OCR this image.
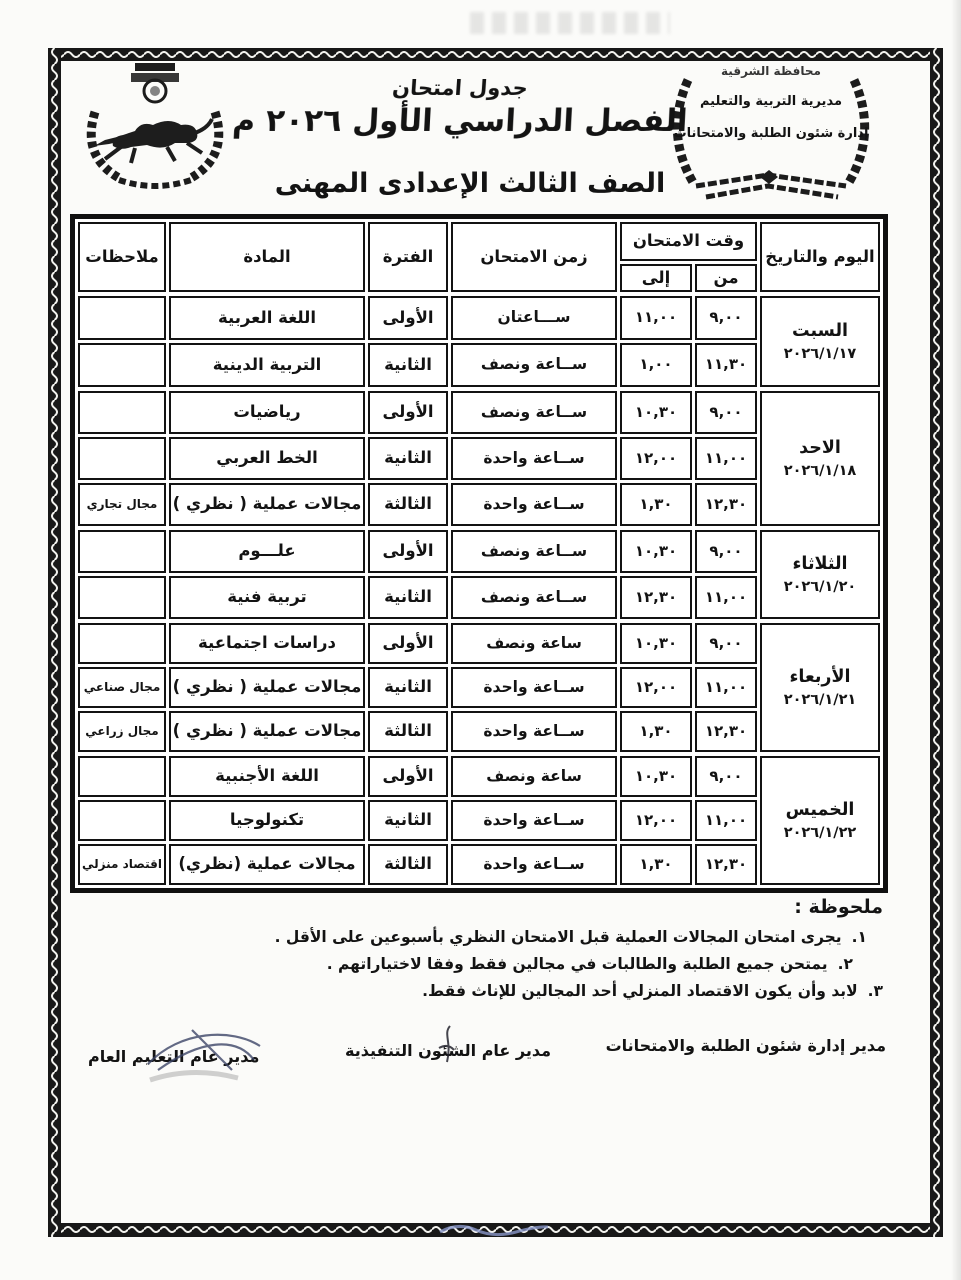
محافظة الشرقية
مديرية التربية والتعليم
إدارة شئون الطلبة والامتحانات
جدول امتحان
الفصل الدراسي الأول ٢٠٢٦ م
الصف الثالث الإعدادى المهنى
اليوم والتاريخ
وقت الامتحان
زمن الامتحان
الفترة
المادة
ملاحظات
من
إلى
السبت
٢٠٢٦/١/١٧
٩,٠٠
١١,٠٠
ســـاعتان
الأولى
اللغة العربية
١١,٣٠
١,٠٠
ســاعة ونصف
الثانية
التربية الدينية
الاحد
٢٠٢٦/١/١٨
٩,٠٠
١٠,٣٠
ســاعة ونصف
الأولى
رياضيات
١١,٠٠
١٢,٠٠
ســاعة واحدة
الثانية
الخط العربي
١٢,٣٠
١,٣٠
ســاعة واحدة
الثالثة
مجالات عملية ( نظري )
مجال تجاري
الثلاثاء
٢٠٢٦/١/٢٠
٩,٠٠
١٠,٣٠
ســاعة ونصف
الأولى
علـــوم
١١,٠٠
١٢,٣٠
ســاعة ونصف
الثانية
تربية فنية
الأربعاء
٢٠٢٦/١/٢١
٩,٠٠
١٠,٣٠
ساعة ونصف
الأولى
دراسات اجتماعية
١١,٠٠
١٢,٠٠
ســاعة واحدة
الثانية
مجالات عملية ( نظري )
مجال صناعي
١٢,٣٠
١,٣٠
ســاعة واحدة
الثالثة
مجالات عملية ( نظري )
مجال زراعي
الخميس
٢٠٢٦/١/٢٢
٩,٠٠
١٠,٣٠
ساعة ونصف
الأولى
اللغة الأجنبية
١١,٠٠
١٢,٠٠
ســاعة واحدة
الثانية
تكنولوجيا
١٢,٣٠
١,٣٠
ســاعة واحدة
الثالثة
مجالات عملية (نظري)
اقتصاد منزلي
ملحوظة :
١.يجرى امتحان المجالات العملية قبل الامتحان النظري بأسبوعين على الأقل .
٢.يمتحن جميع الطلبة والطالبات في مجالين فقط وفقا لاختياراتهم .
٣.لابد وأن يكون الاقتصاد المنزلي أحد المجالين للإناث فقط.
مدير إدارة شئون الطلبة والامتحانات
مدير عام الشئون التنفيذية
مدير عام التعليم العام
